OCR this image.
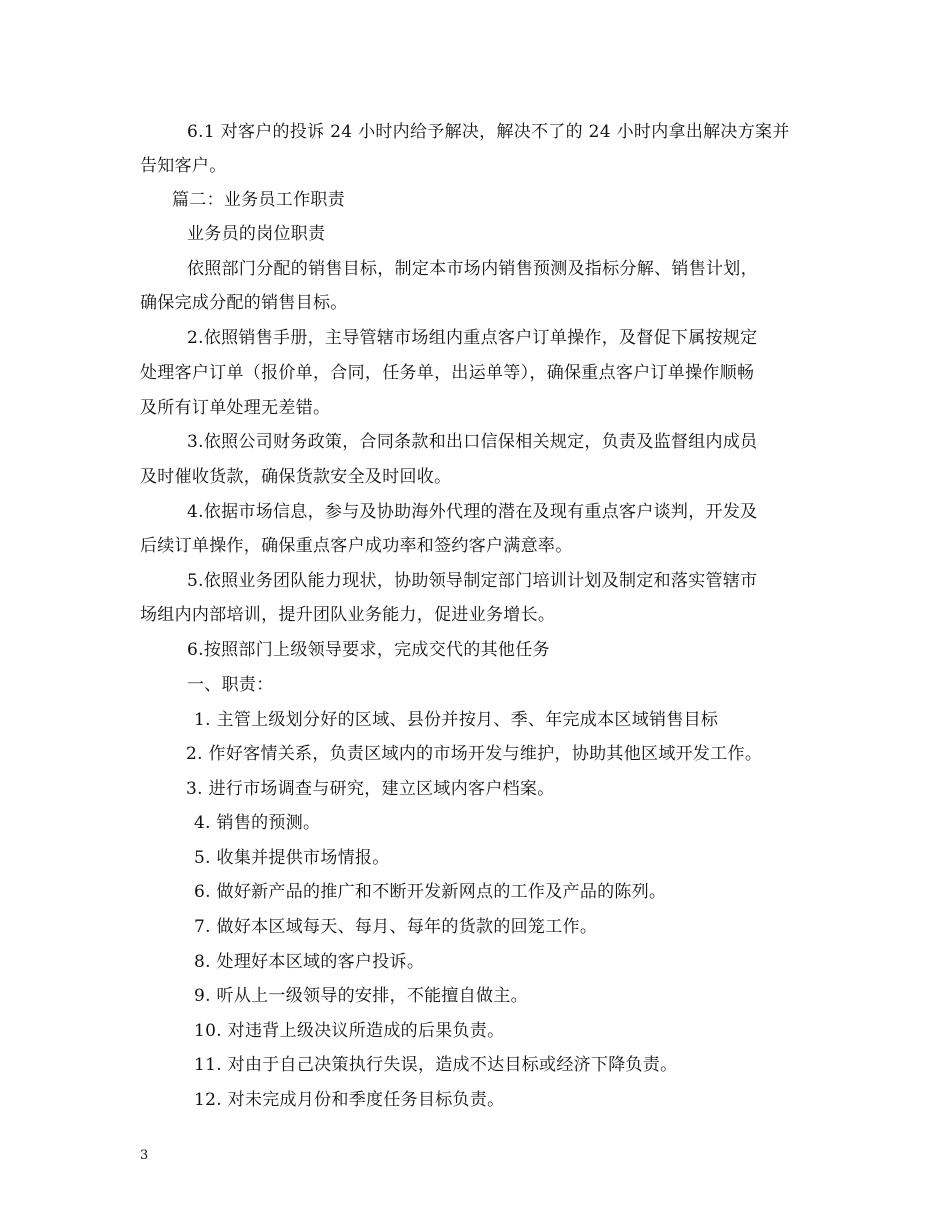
6.1 对客户的投诉 24 小时内给予解决，解决不了的 24 小时内拿出解决方案并
告知客户。
篇二：业务员工作职责
业务员的岗位职责
依照部门分配的销售目标，制定本市场内销售预测及指标分解、销售计划，
确保完成分配的销售目标。
2.依照销售手册，主导管辖市场组内重点客户订单操作，及督促下属按规定
处理客户订单（报价单，合同，任务单，出运单等），确保重点客户订单操作顺畅
及所有订单处理无差错。
3.依照公司财务政策，合同条款和出口信保相关规定，负责及监督组内成员
及时催收货款，确保货款安全及时回收。
4.依据市场信息，参与及协助海外代理的潜在及现有重点客户谈判，开发及
后续订单操作，确保重点客户成功率和签约客户满意率。
5.依照业务团队能力现状，协助领导制定部门培训计划及制定和落实管辖市
场组内内部培训，提升团队业务能力，促进业务增长。
6.按照部门上级领导要求，完成交代的其他任务
一、职责：
1. 主管上级划分好的区域、县份并按月、季、年完成本区域销售目标
2. 作好客情关系，负责区域内的市场开发与维护，协助其他区域开发工作。
3. 进行市场调查与研究，建立区域内客户档案。
4. 销售的预测。
5. 收集并提供市场情报。
6. 做好新产品的推广和不断开发新网点的工作及产品的陈列。
7. 做好本区域每天、每月、每年的货款的回笼工作。
8. 处理好本区域的客户投诉。
9. 听从上一级领导的安排，不能擅自做主。
10. 对违背上级决议所造成的后果负责。
11. 对由于自己决策执行失误，造成不达目标或经济下降负责。
12. 对未完成月份和季度任务目标负责。
3
